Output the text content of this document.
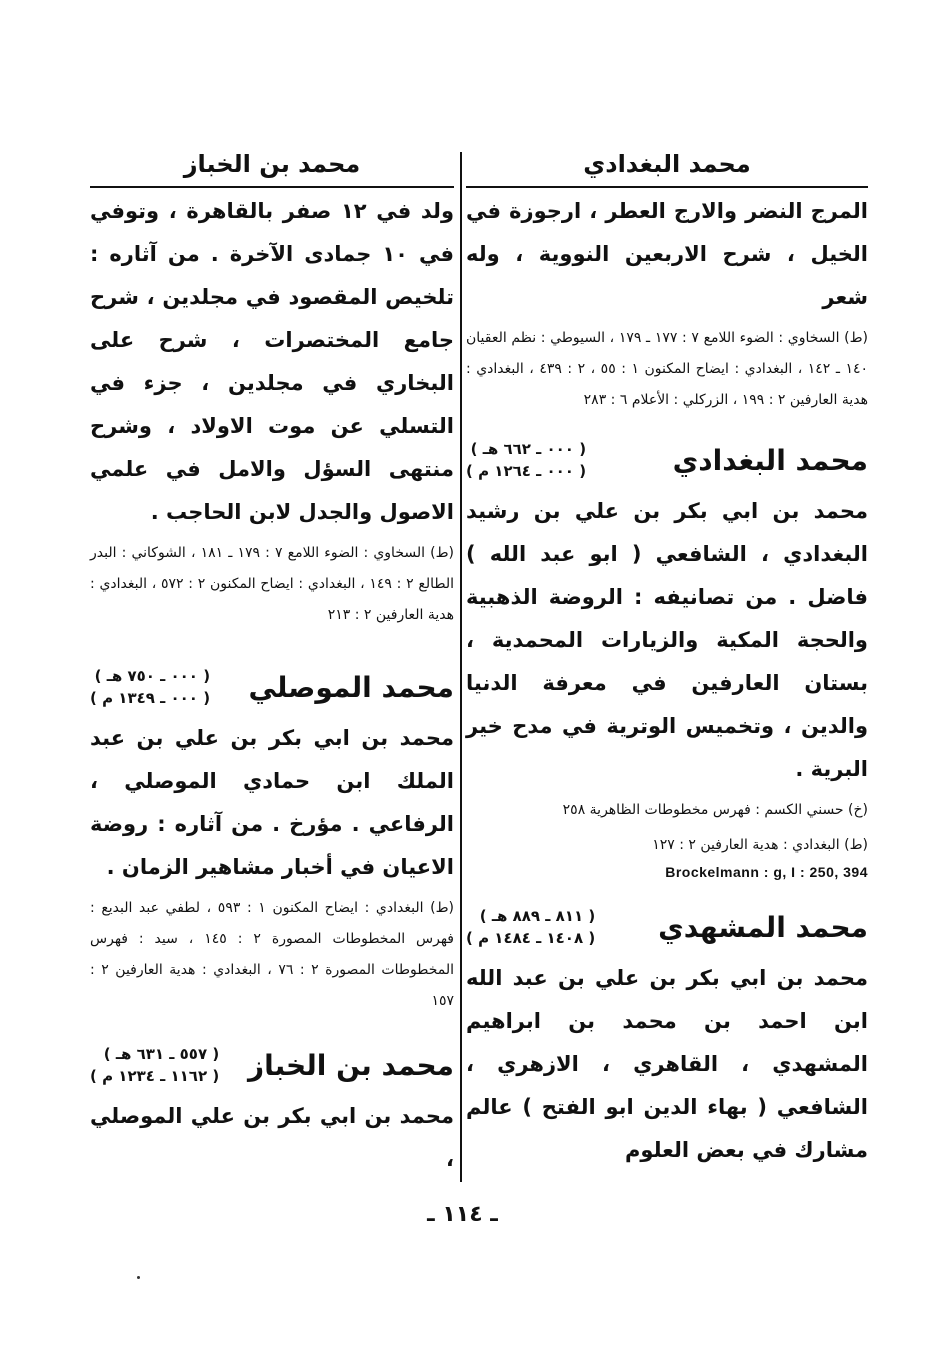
محمد البغدادي
المرج النضر والارج العطر ، ارجوزة في الخيل ، شرح الاربعين النووية ، وله شعر
(ط) السخاوي : الضوء اللامع ٧ : ١٧٧ ـ ١٧٩ ، السيوطي : نظم العقيان ١٤٠ ـ ١٤٢ ، البغدادي : ايضاح المكنون ١ : ٥٥ ، ٢ : ٤٣٩ ، البغدادي : هدية العارفين ٢ : ١٩٩ ، الزركلي : الأعلام ٦ : ٢٨٣
محمد البغدادي
( ٠٠٠ ـ ٦٦٢ هـ )
( ٠٠٠ ـ ١٢٦٤ م )
محمد بن ابي بكر بن علي بن رشيد البغدادي ، الشافعي ( ابو عبد الله ) فاضل . من تصانيفه : الروضة الذهبية والحجة المكية والزيارات المحمدية ، بستان العارفين في معرفة الدنيا والدين ، وتخميس الوترية في مدح خير البرية .
(خ) حسني الكسم : فهرس مخطوطات الظاهرية ٢٥٨
(ط) البغدادي : هدية العارفين ٢ : ١٢٧
Brockelmann : g, I : 250, 394
محمد المشهدي
( ٨١١ ـ ٨٨٩ هـ )
( ١٤٠٨ ـ ١٤٨٤ م )
محمد بن ابي بكر بن علي بن عبد الله ابن احمد بن محمد بن ابراهيم المشهدي ، القاهري ، الازهري ، الشافعي ( بهاء الدين ابو الفتح ) عالم مشارك في بعض العلوم
محمد بن الخباز
ولد في ١٢ صفر بالقاهرة ، وتوفي في ١٠ جمادى الآخرة . من آثاره : تلخيص المقصود في مجلدين ، شرح جامع المختصرات ، شرح على البخاري في مجلدين ، جزء في التسلي عن موت الاولاد ، وشرح منتهى السؤل والامل في علمي الاصول والجدل لابن الحاجب .
(ط) السخاوي : الضوء اللامع ٧ : ١٧٩ ـ ١٨١ ، الشوكاني : البدر الطالع ٢ : ١٤٩ ، البغدادي : ايضاح المكنون ٢ : ٥٧٢ ، البغدادي : هدية العارفين ٢ : ٢١٣
محمد الموصلي
( ٠٠٠ ـ ٧٥٠ هـ )
( ٠٠٠ ـ ١٣٤٩ م )
محمد بن ابي بكر بن علي بن عبد الملك ابن حمادي الموصلي ، الرفاعي . مؤرخ . من آثاره : روضة الاعيان في أخبار مشاهير الزمان .
(ط) البغدادي : ايضاح المكنون ١ : ٥٩٣ ، لطفي عبد البديع : فهرس المخطوطات المصورة ٢ : ١٤٥ ، سيد : فهرس المخطوطات المصورة ٢ : ٧٦ ، البغدادي : هدية العارفين ٢ : ١٥٧
محمد بن الخباز
( ٥٥٧ ـ ٦٣١ هـ )
( ١١٦٢ ـ ١٢٣٤ م )
محمد بن ابي بكر بن علي الموصلي ،
ـ ١١٤ ـ
